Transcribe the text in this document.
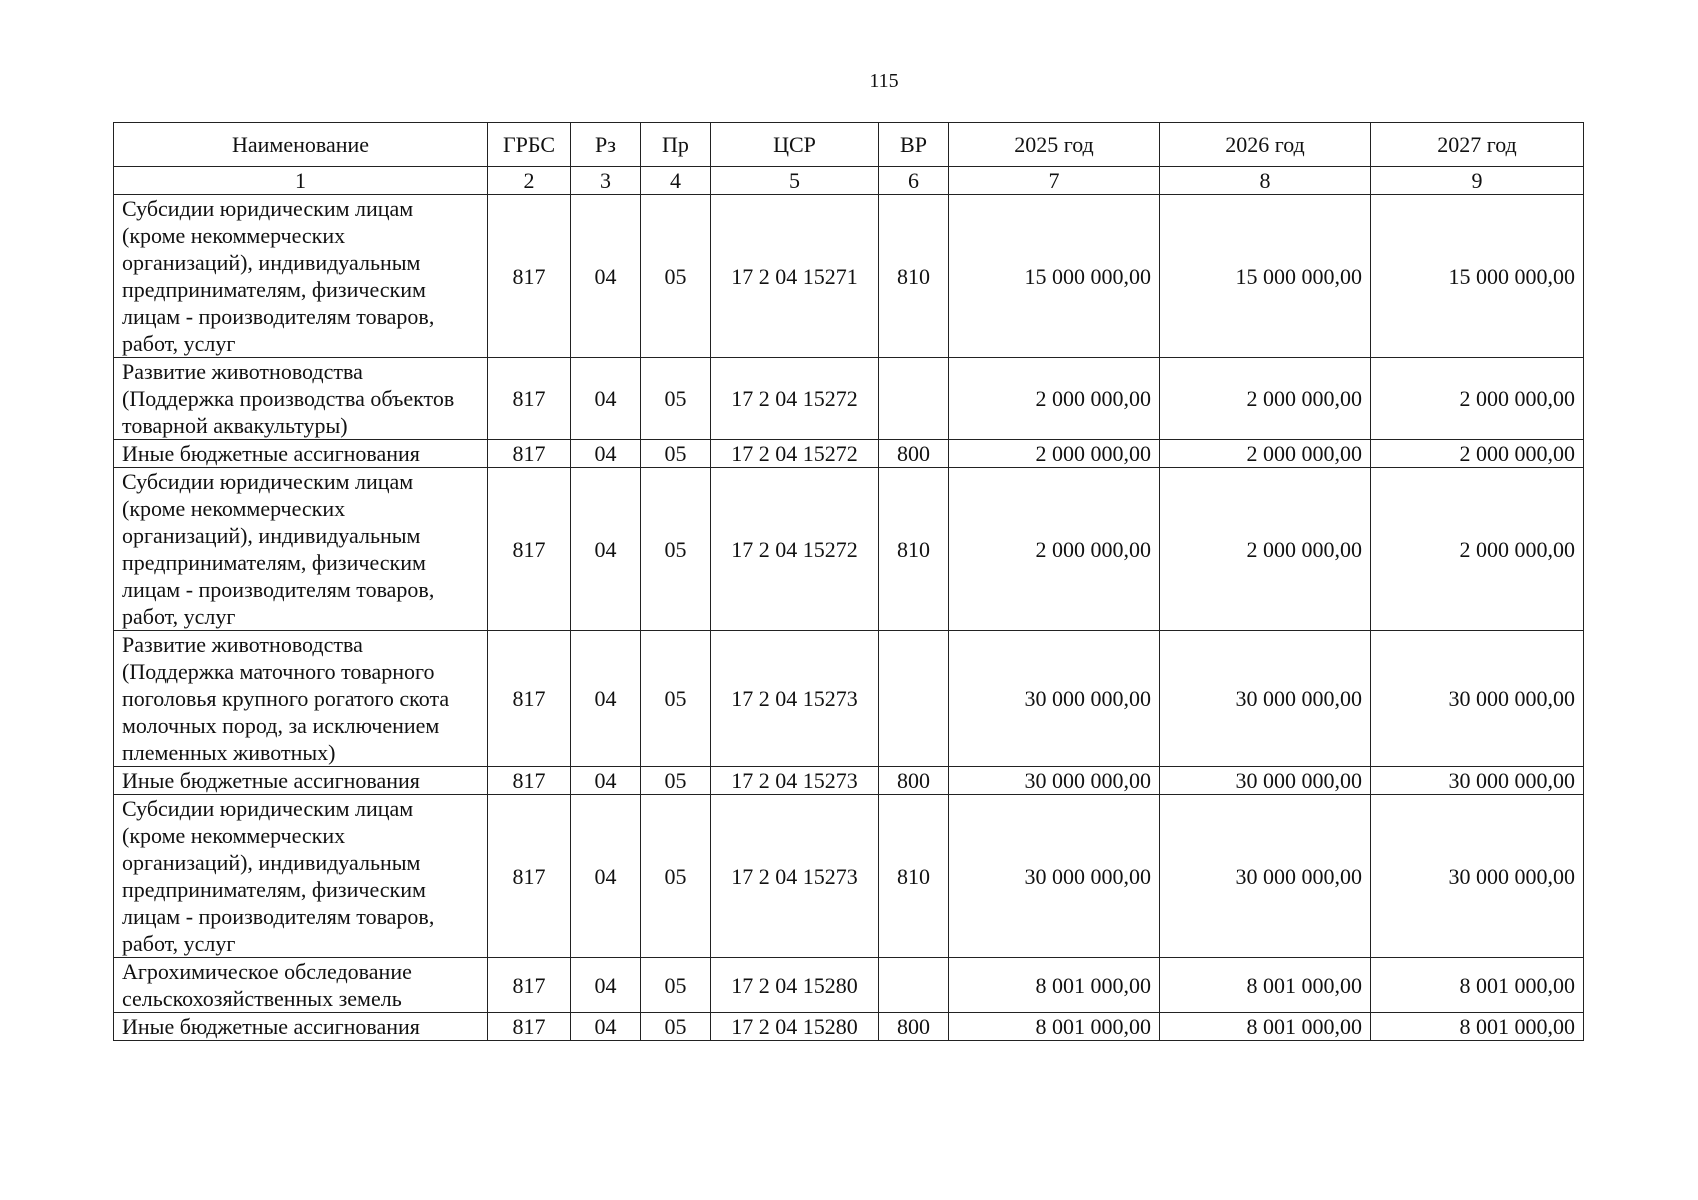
115
Наименование	ГРБС	Рз	Пр	ЦСР	ВР	2025 год	2026 год	2027 год
1	2	3	4	5	6	7	8	9
Субсидии юридическим лицам (кроме некоммерческих организаций), индивидуальным предпринимателям, физическим лицам - производителям товаров, работ, услуг	817	04	05	17 2 04 15271	810	15 000 000,00	15 000 000,00	15 000 000,00
Развитие животноводства (Поддержка производства объектов товарной аквакультуры)	817	04	05	17 2 04 15272		2 000 000,00	2 000 000,00	2 000 000,00
Иные бюджетные ассигнования	817	04	05	17 2 04 15272	800	2 000 000,00	2 000 000,00	2 000 000,00
Субсидии юридическим лицам (кроме некоммерческих организаций), индивидуальным предпринимателям, физическим лицам - производителям товаров, работ, услуг	817	04	05	17 2 04 15272	810	2 000 000,00	2 000 000,00	2 000 000,00
Развитие животноводства (Поддержка маточного товарного поголовья крупного рогатого скота молочных пород, за исключением племенных животных)	817	04	05	17 2 04 15273		30 000 000,00	30 000 000,00	30 000 000,00
Иные бюджетные ассигнования	817	04	05	17 2 04 15273	800	30 000 000,00	30 000 000,00	30 000 000,00
Субсидии юридическим лицам (кроме некоммерческих организаций), индивидуальным предпринимателям, физическим лицам - производителям товаров, работ, услуг	817	04	05	17 2 04 15273	810	30 000 000,00	30 000 000,00	30 000 000,00
Агрохимическое обследование сельскохозяйственных земель	817	04	05	17 2 04 15280		8 001 000,00	8 001 000,00	8 001 000,00
Иные бюджетные ассигнования	817	04	05	17 2 04 15280	800	8 001 000,00	8 001 000,00	8 001 000,00
